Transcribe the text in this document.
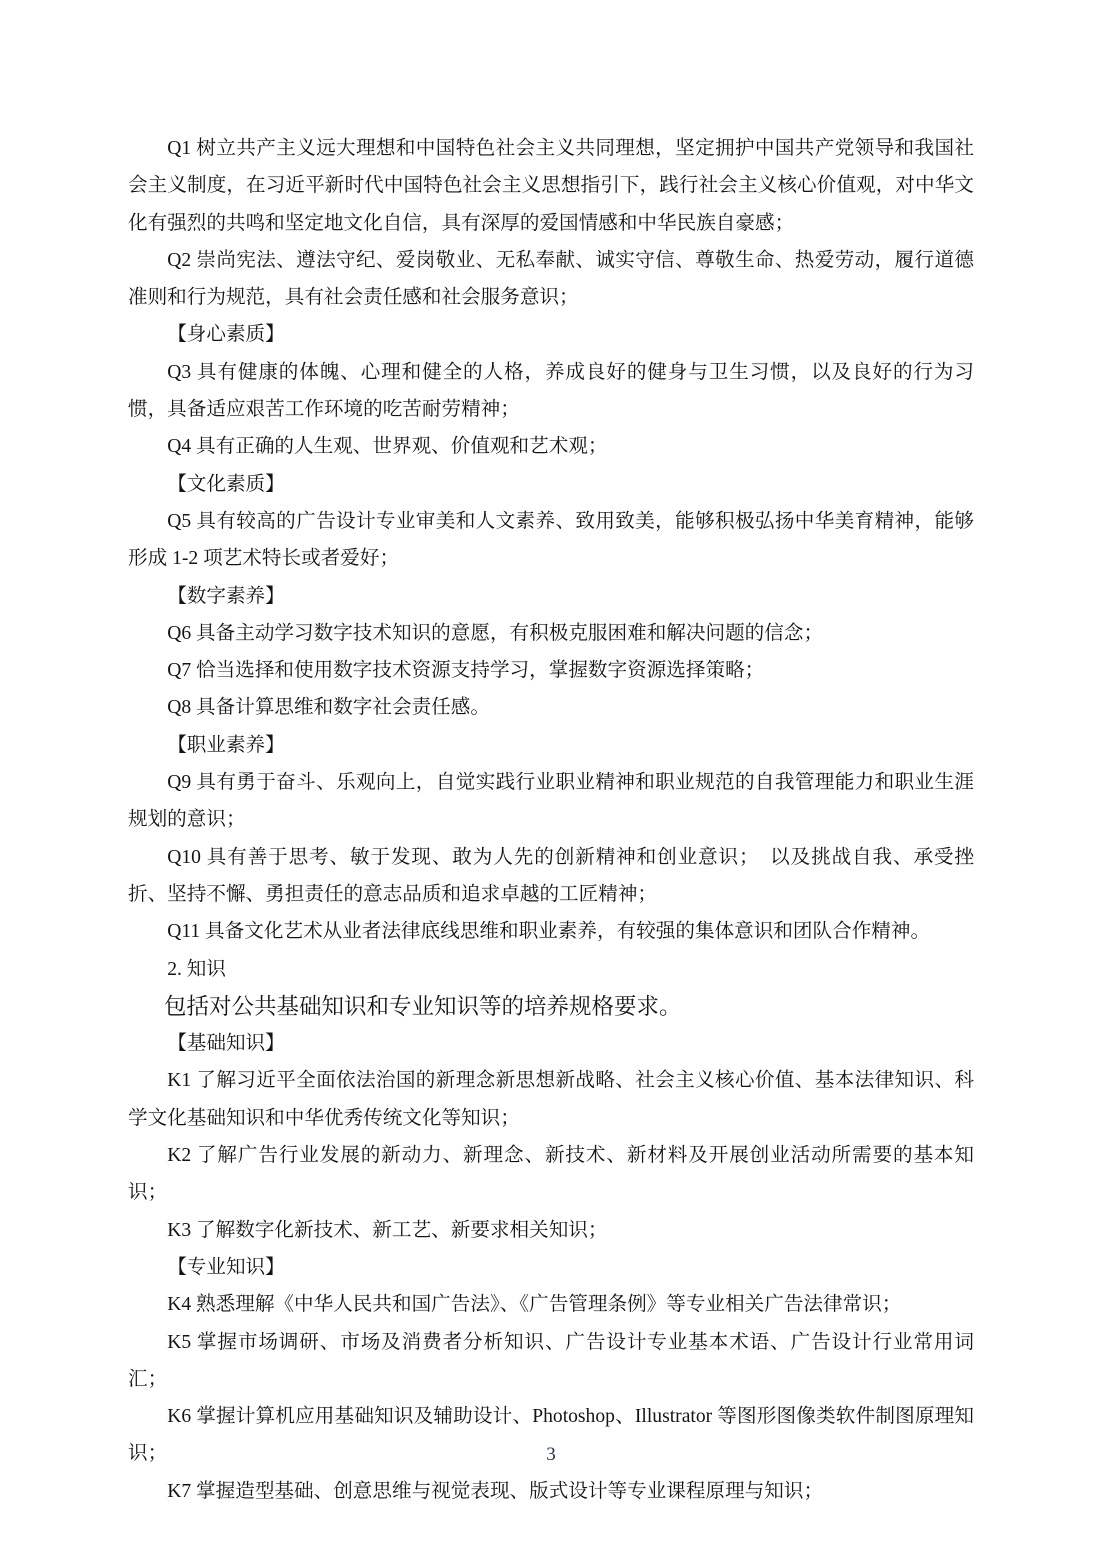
Q1 树立共产主义远大理想和中国特色社会主义共同理想，坚定拥护中国共产党领导和我国社会主义制度，在习近平新时代中国特色社会主义思想指引下，践行社会主义核心价值观，对中华文化有强烈的共鸣和坚定地文化自信，具有深厚的爱国情感和中华民族自豪感；

Q2 崇尚宪法、遵法守纪、爱岗敬业、无私奉献、诚实守信、尊敬生命、热爱劳动，履行道德准则和行为规范，具有社会责任感和社会服务意识；

【身心素质】

Q3 具有健康的体魄、心理和健全的人格，养成良好的健身与卫生习惯，以及良好的行为习惯，具备适应艰苦工作环境的吃苦耐劳精神；

Q4 具有正确的人生观、世界观、价值观和艺术观；

【文化素质】

Q5 具有较高的广告设计专业审美和人文素养、致用致美，能够积极弘扬中华美育精神，能够形成 1-2 项艺术特长或者爱好；

【数字素养】

Q6 具备主动学习数字技术知识的意愿，有积极克服困难和解决问题的信念；

Q7 恰当选择和使用数字技术资源支持学习，掌握数字资源选择策略；

Q8 具备计算思维和数字社会责任感。

【职业素养】

Q9 具有勇于奋斗、乐观向上，自觉实践行业职业精神和职业规范的自我管理能力和职业生涯规划的意识；

Q10 具有善于思考、敏于发现、敢为人先的创新精神和创业意识；　以及挑战自我、承受挫折、坚持不懈、勇担责任的意志品质和追求卓越的工匠精神；

Q11 具备文化艺术从业者法律底线思维和职业素养，有较强的集体意识和团队合作精神。

2. 知识

包括对公共基础知识和专业知识等的培养规格要求。

【基础知识】

K1 了解习近平全面依法治国的新理念新思想新战略、社会主义核心价值、基本法律知识、科学文化基础知识和中华优秀传统文化等知识；

K2 了解广告行业发展的新动力、新理念、新技术、新材料及开展创业活动所需要的基本知识；

K3 了解数字化新技术、新工艺、新要求相关知识；

【专业知识】

K4 熟悉理解《中华人民共和国广告法》、《广告管理条例》等专业相关广告法律常识；

K5 掌握市场调研、市场及消费者分析知识、广告设计专业基本术语、广告设计行业常用词汇；

K6 掌握计算机应用基础知识及辅助设计、Photoshop、Illustrator 等图形图像类软件制图原理知识；

K7 掌握造型基础、创意思维与视觉表现、版式设计等专业课程原理与知识；

3
